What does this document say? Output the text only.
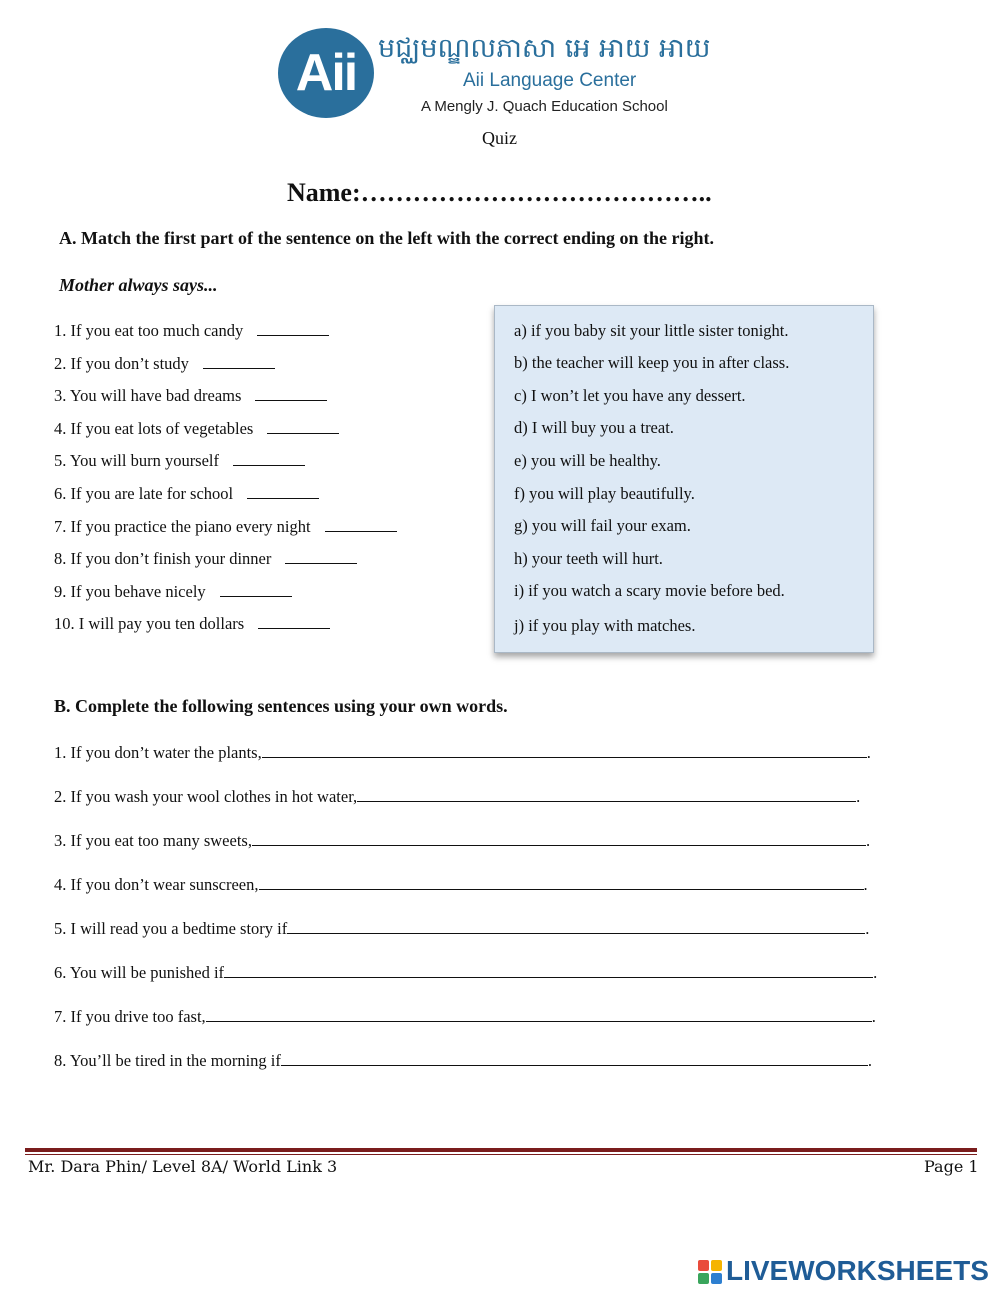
Aii មជ្ឈមណ្ឌលភាសា អេ អាយ អាយ
Aii Language Center
A Mengly J. Quach Education School
Quiz
Name:…………………………………..
A. Match the first part of the sentence on the left with the correct ending on the right.
Mother always says...
1. If you eat too much candy
2. If you don’t study
3. You will have bad dreams
4. If you eat lots of vegetables
5. You will burn yourself
6. If you are late for school
7. If you practice the piano every night
8. If you don’t finish your dinner
9. If you behave nicely
10. I will pay you ten dollars
a) if you baby sit your little sister tonight.
b) the teacher will keep you in after class.
c) I won’t let you have any dessert.
d) I will buy you a treat.
e) you will be healthy.
f) you will play beautifully.
g) you will fail your exam.
h) your teeth will hurt.
i) if you watch a scary movie before bed.
j) if you play with matches.
B. Complete the following sentences using your own words.
1. If you don’t water the plants,	.
2. If you wash your wool clothes in hot water,	.
3. If you eat too many sweets,	.
4. If you don’t wear sunscreen,	.
5. I will read you a bedtime story if	.
6. You will be punished if	.
7. If you drive too fast,	.
8. You’ll be tired in the morning if	.
Mr. Dara Phin/ Level 8A/ World Link 3	Page 1
LIVEWORKSHEETS
